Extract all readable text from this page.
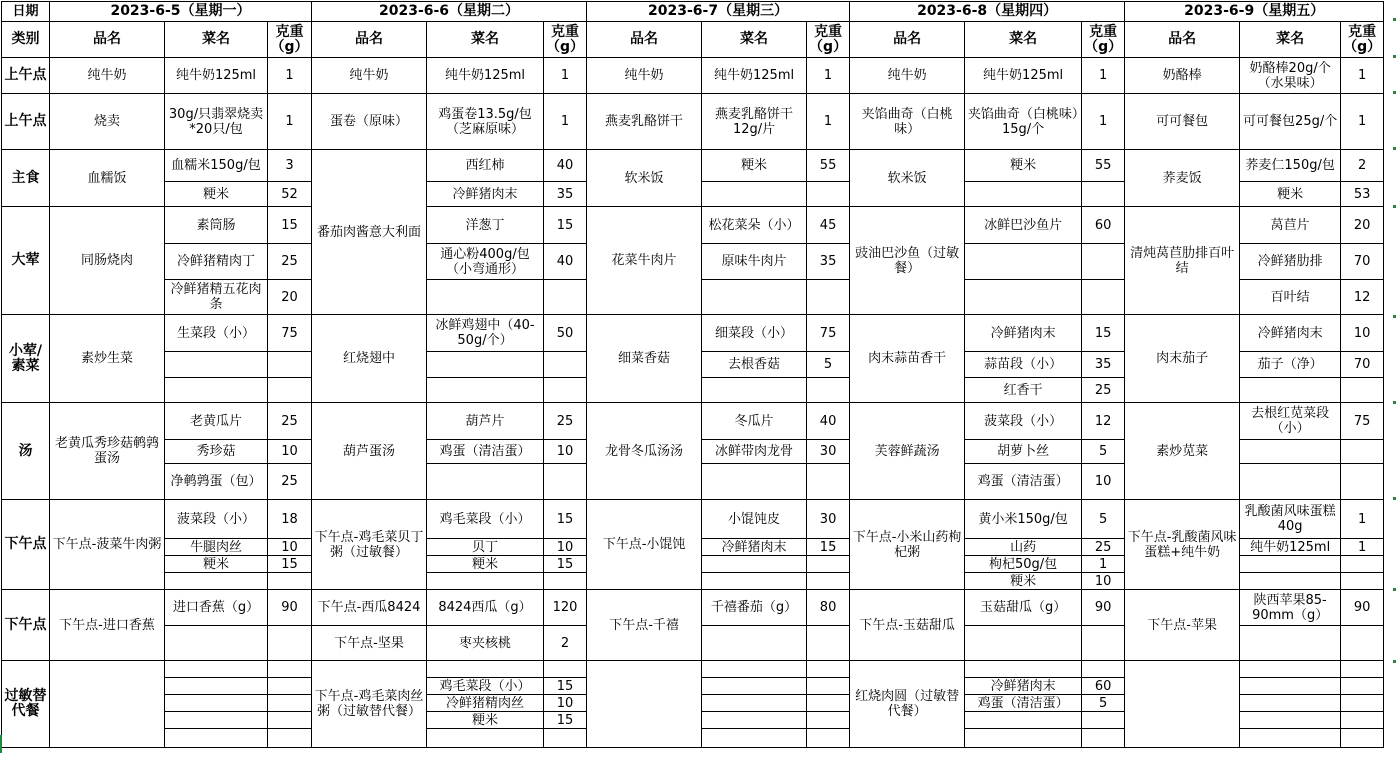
日期	2023-6-5（星期一）			2023-6-6（星期二）			2023-6-7（星期三）			2023-6-8（星期四）			2023-6-9（星期五）		
类别	品名	菜名	克重（g）	品名	菜名	克重（g）	品名	菜名	克重（g）	品名	菜名	克重（g）	品名	菜名	克重（g）
上午点	纯牛奶	纯牛奶125ml	1	纯牛奶	纯牛奶125ml	1	纯牛奶	纯牛奶125ml	1	纯牛奶	纯牛奶125ml	1	奶酪棒	奶酪棒20g/个（水果味）	1
上午点	烧卖	30g/只翡翠烧卖*20只/包	1	蛋卷（原味）	鸡蛋卷13.5g/包（芝麻原味）	1	燕麦乳酪饼干	燕麦乳酪饼干12g/片	1	夹馅曲奇（白桃味）	夹馅曲奇（白桃味）15g/个	1	可可餐包	可可餐包25g/个	1
主食	血糯饭	血糯米150g/包	3	番茄肉酱意大利面	西红柿	40	软米饭	粳米	55	软米饭	粳米	55	荞麦饭	荞麦仁150g/包	2
		粳米	52		冷鲜猪肉末	35								粳米	53
大荤	同肠烧肉	素筒肠	15		洋葱丁	15	花菜牛肉片	松花菜朵（小）	45	豉油巴沙鱼（过敏餐）	冰鲜巴沙鱼片	60	清炖莴苣肋排百叶结	莴苣片	20
		冷鲜猪精肉丁	25		通心粉400g/包（小弯通形）	40		原味牛肉片	35					冷鲜猪肋排	70
		冷鲜猪精五花肉条	20											百叶结	12
小荤/素菜	素炒生菜	生菜段（小）	75	红烧翅中	冰鲜鸡翅中（40-50g/个）	50	细菜香菇	细菜段（小）	75	肉末蒜苗香干	冷鲜猪肉末	15	肉末茄子	冷鲜猪肉末	10
								去根香菇	5		蒜苗段（小）	35		茄子（净）	70
											红香干	25			
汤	老黄瓜秀珍菇鹌鹑蛋汤	老黄瓜片	25	葫芦蛋汤	葫芦片	25	龙骨冬瓜汤汤	冬瓜片	40	芙蓉鲜蔬汤	菠菜段（小）	12	素炒苋菜	去根红苋菜段（小）	75
		秀珍菇	10		鸡蛋（清洁蛋）	10		冰鲜带肉龙骨	30		胡萝卜丝	5			
		净鹌鹑蛋（包）	25								鸡蛋（清洁蛋）	10			
下午点	下午点-菠菜牛肉粥	菠菜段（小）	18	下午点-鸡毛菜贝丁粥（过敏餐）	鸡毛菜段（小）	15	下午点-小馄饨	小馄饨皮	30	下午点-小米山药枸杞粥	黄小米150g/包	5	下午点-乳酸菌风味蛋糕+纯牛奶	乳酸菌风味蛋糕40g	1
		牛腿肉丝	10		贝丁	10		冷鲜猪肉末	15		山药	25		纯牛奶125ml	1
		粳米	15		粳米	15					枸杞50g/包	1			
											粳米	10			
下午点	下午点-进口香蕉	进口香蕉（g）	90	下午点-西瓜8424	8424西瓜（g）	120	下午点-千禧	千禧番茄（g）	80	下午点-玉菇甜瓜	玉菇甜瓜（g）	90	下午点-苹果	陕西苹果85-90mm（g）	90
				下午点-坚果	枣夹核桃	2									
过敏替代餐				下午点-鸡毛菜肉丝粥（过敏替代餐）						红烧肉圆（过敏替代餐）					
					鸡毛菜段（小）	15					冷鲜猪肉末	60			
					冷鲜猪精肉丝	10					鸡蛋（清洁蛋）	5			
					粳米	15									
